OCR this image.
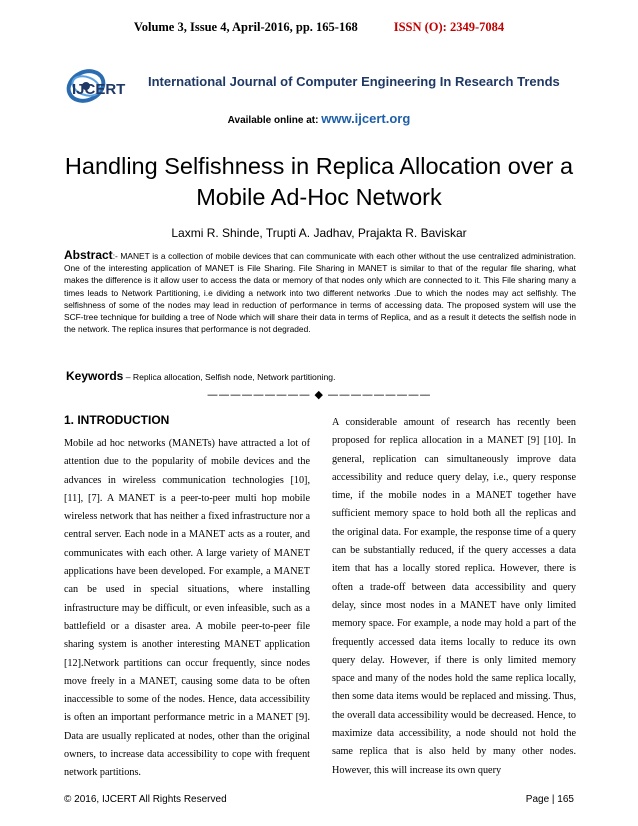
Volume 3, Issue 4, April-2016, pp. 165-168	ISSN (O): 2349-7084
IJCERT International Journal of Computer Engineering In Research Trends
Available online at: www.ijcert.org
Handling Selfishness in Replica Allocation over a Mobile Ad-Hoc Network
Laxmi R. Shinde, Trupti A. Jadhav, Prajakta R. Baviskar
Abstract:- MANET is a collection of mobile devices that can communicate with each other without the use centralized administration. One of the interesting application of MANET is File Sharing. File Sharing in MANET is similar to that of the regular file sharing, what makes the difference is it allow user to access the data or memory of that nodes only which are connected to it. This File sharing many a times leads to Network Partitioning, i.e dividing a network into two different networks .Due to which the nodes may act selfishly. The selfishness of some of the nodes may lead in reduction of performance in terms of accessing data. The proposed system will use the SCF-tree technique for building a tree of Node which will share their data in terms of Replica, and as a result it detects the selfish node in the network. The replica insures that performance is not degraded.
Keywords – Replica allocation, Selfish node, Network partitioning.
————————— ◆ —————————
1. INTRODUCTION
Mobile ad hoc networks (MANETs) have attracted a lot of attention due to the popularity of mobile devices and the advances in wireless communication technologies [10], [11], [7]. A MANET is a peer-to-peer multi hop mobile wireless network that has neither a fixed infrastructure nor a central server. Each node in a MANET acts as a router, and communicates with each other. A large variety of MANET applications have been developed. For example, a MANET can be used in special situations, where installing infrastructure may be difficult, or even infeasible, such as a battlefield or a disaster area. A mobile peer-to-peer file sharing system is another interesting MANET application [12].Network partitions can occur frequently, since nodes move freely in a MANET, causing some data to be often inaccessible to some of the nodes. Hence, data accessibility is often an important performance metric in a MANET [9]. Data are usually replicated at nodes, other than the original owners, to increase data accessibility to cope with frequent network partitions.
A considerable amount of research has recently been proposed for replica allocation in a MANET [9] [10]. In general, replication can simultaneously improve data accessibility and reduce query delay, i.e., query response time, if the mobile nodes in a MANET together have sufficient memory space to hold both all the replicas and the original data. For example, the response time of a query can be substantially reduced, if the query accesses a data item that has a locally stored replica. However, there is often a trade-off between data accessibility and query delay, since most nodes in a MANET have only limited memory space. For example, a node may hold a part of the frequently accessed data items locally to reduce its own query delay. However, if there is only limited memory space and many of the nodes hold the same replica locally, then some data items would be replaced and missing. Thus, the overall data accessibility would be decreased. Hence, to maximize data accessibility, a node should not hold the same replica that is also held by many other nodes. However, this will increase its own query
© 2016, IJCERT All Rights Reserved	Page | 165
